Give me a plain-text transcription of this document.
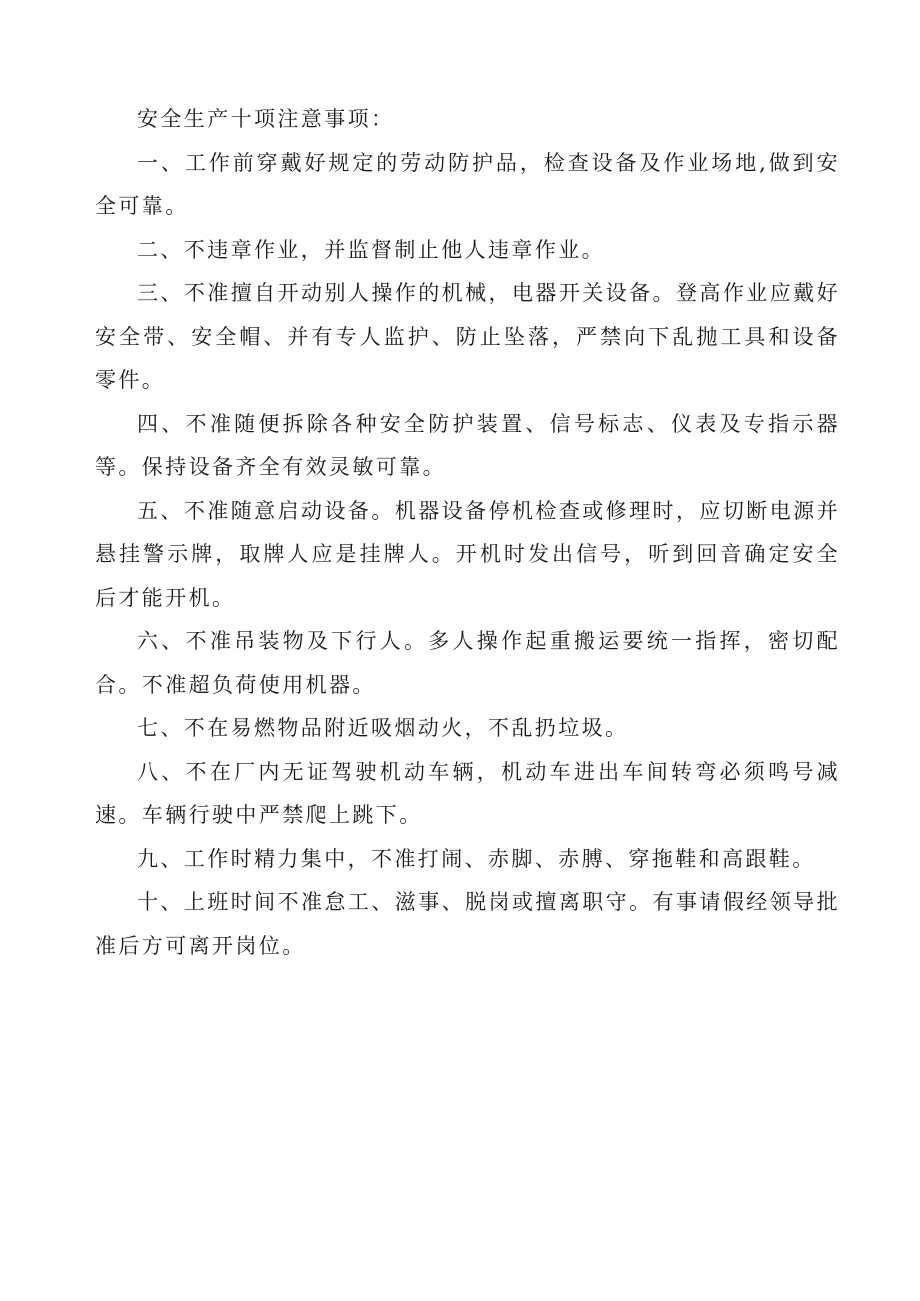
安全生产十项注意事项：

一、工作前穿戴好规定的劳动防护品，检查设备及作业场地,做到安全可靠。

二、不违章作业，并监督制止他人违章作业。

三、不准擅自开动别人操作的机械，电器开关设备。登高作业应戴好安全带、安全帽、并有专人监护、防止坠落，严禁向下乱抛工具和设备零件。

四、不准随便拆除各种安全防护装置、信号标志、仪表及专指示器等。保持设备齐全有效灵敏可靠。

五、不准随意启动设备。机器设备停机检查或修理时，应切断电源并悬挂警示牌，取牌人应是挂牌人。开机时发出信号，听到回音确定安全后才能开机。

六、不准吊装物及下行人。多人操作起重搬运要统一指挥，密切配合。不准超负荷使用机器。

七、不在易燃物品附近吸烟动火，不乱扔垃圾。

八、不在厂内无证驾驶机动车辆，机动车进出车间转弯必须鸣号减速。车辆行驶中严禁爬上跳下。

九、工作时精力集中，不准打闹、赤脚、赤膊、穿拖鞋和高跟鞋。

十、上班时间不准怠工、滋事、脱岗或擅离职守。有事请假经领导批准后方可离开岗位。
